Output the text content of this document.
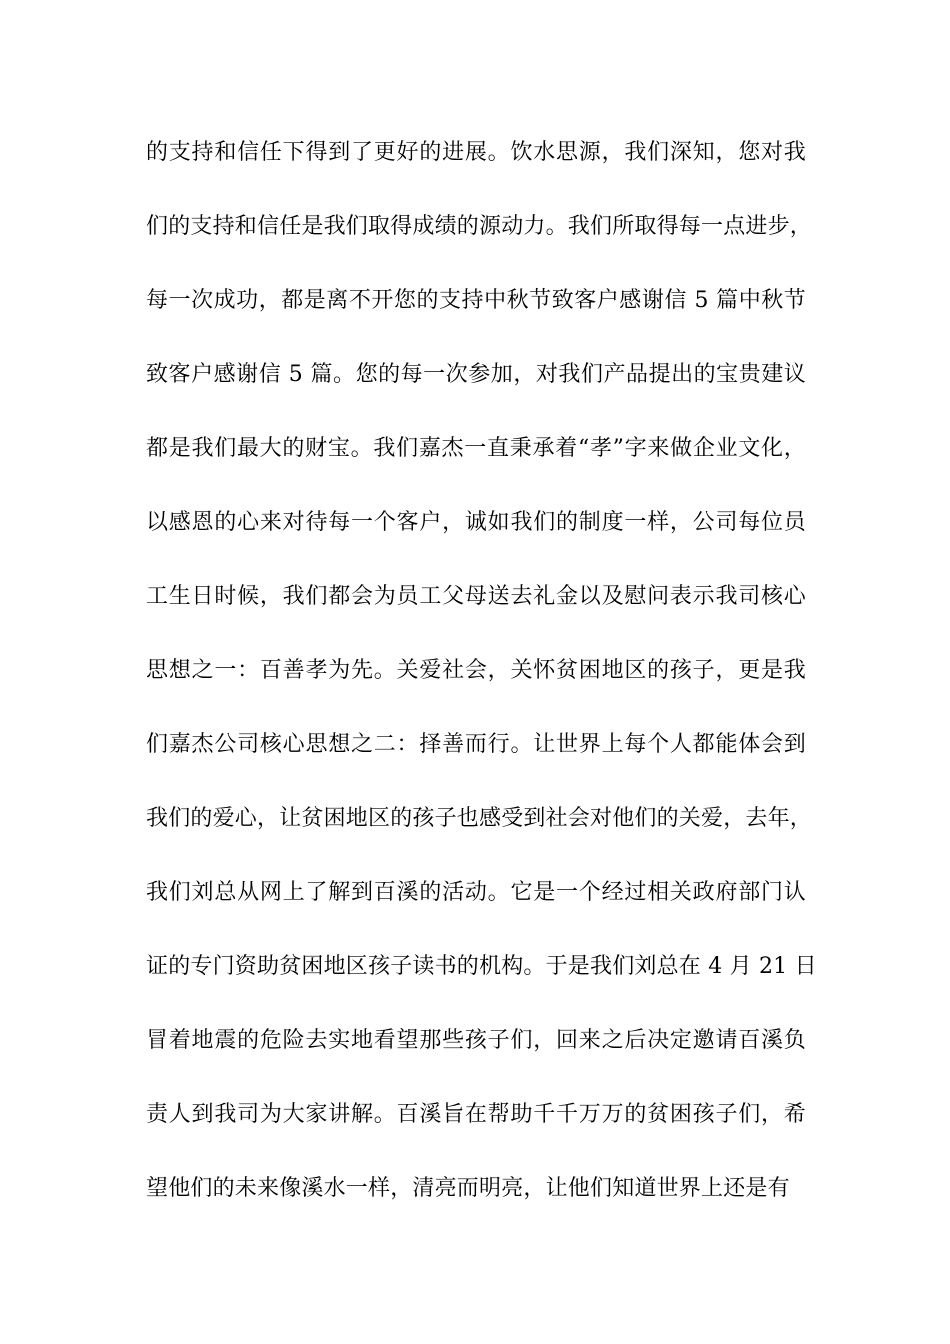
的支持和信任下得到了更好的进展。饮水思源，我们深知，您对我
们的支持和信任是我们取得成绩的源动力。我们所取得每一点进步，
每一次成功，都是离不开您的支持中秋节致客户感谢信 5 篇中秋节
致客户感谢信 5 篇。您的每一次参加，对我们产品提出的宝贵建议
都是我们最大的财宝。我们嘉杰一直秉承着“孝”字来做企业文化，
以感恩的心来对待每一个客户，诚如我们的制度一样，公司每位员
工生日时候，我们都会为员工父母送去礼金以及慰问表示我司核心
思想之一：百善孝为先。关爱社会，关怀贫困地区的孩子，更是我
们嘉杰公司核心思想之二：择善而行。让世界上每个人都能体会到
我们的爱心，让贫困地区的孩子也感受到社会对他们的关爱，去年，
我们刘总从网上了解到百溪的活动。它是一个经过相关政府部门认
证的专门资助贫困地区孩子读书的机构。于是我们刘总在 4 月 21 日
冒着地震的危险去实地看望那些孩子们，回来之后决定邀请百溪负
责人到我司为大家讲解。百溪旨在帮助千千万万的贫困孩子们，希
望他们的未来像溪水一样，清亮而明亮，让他们知道世界上还是有
